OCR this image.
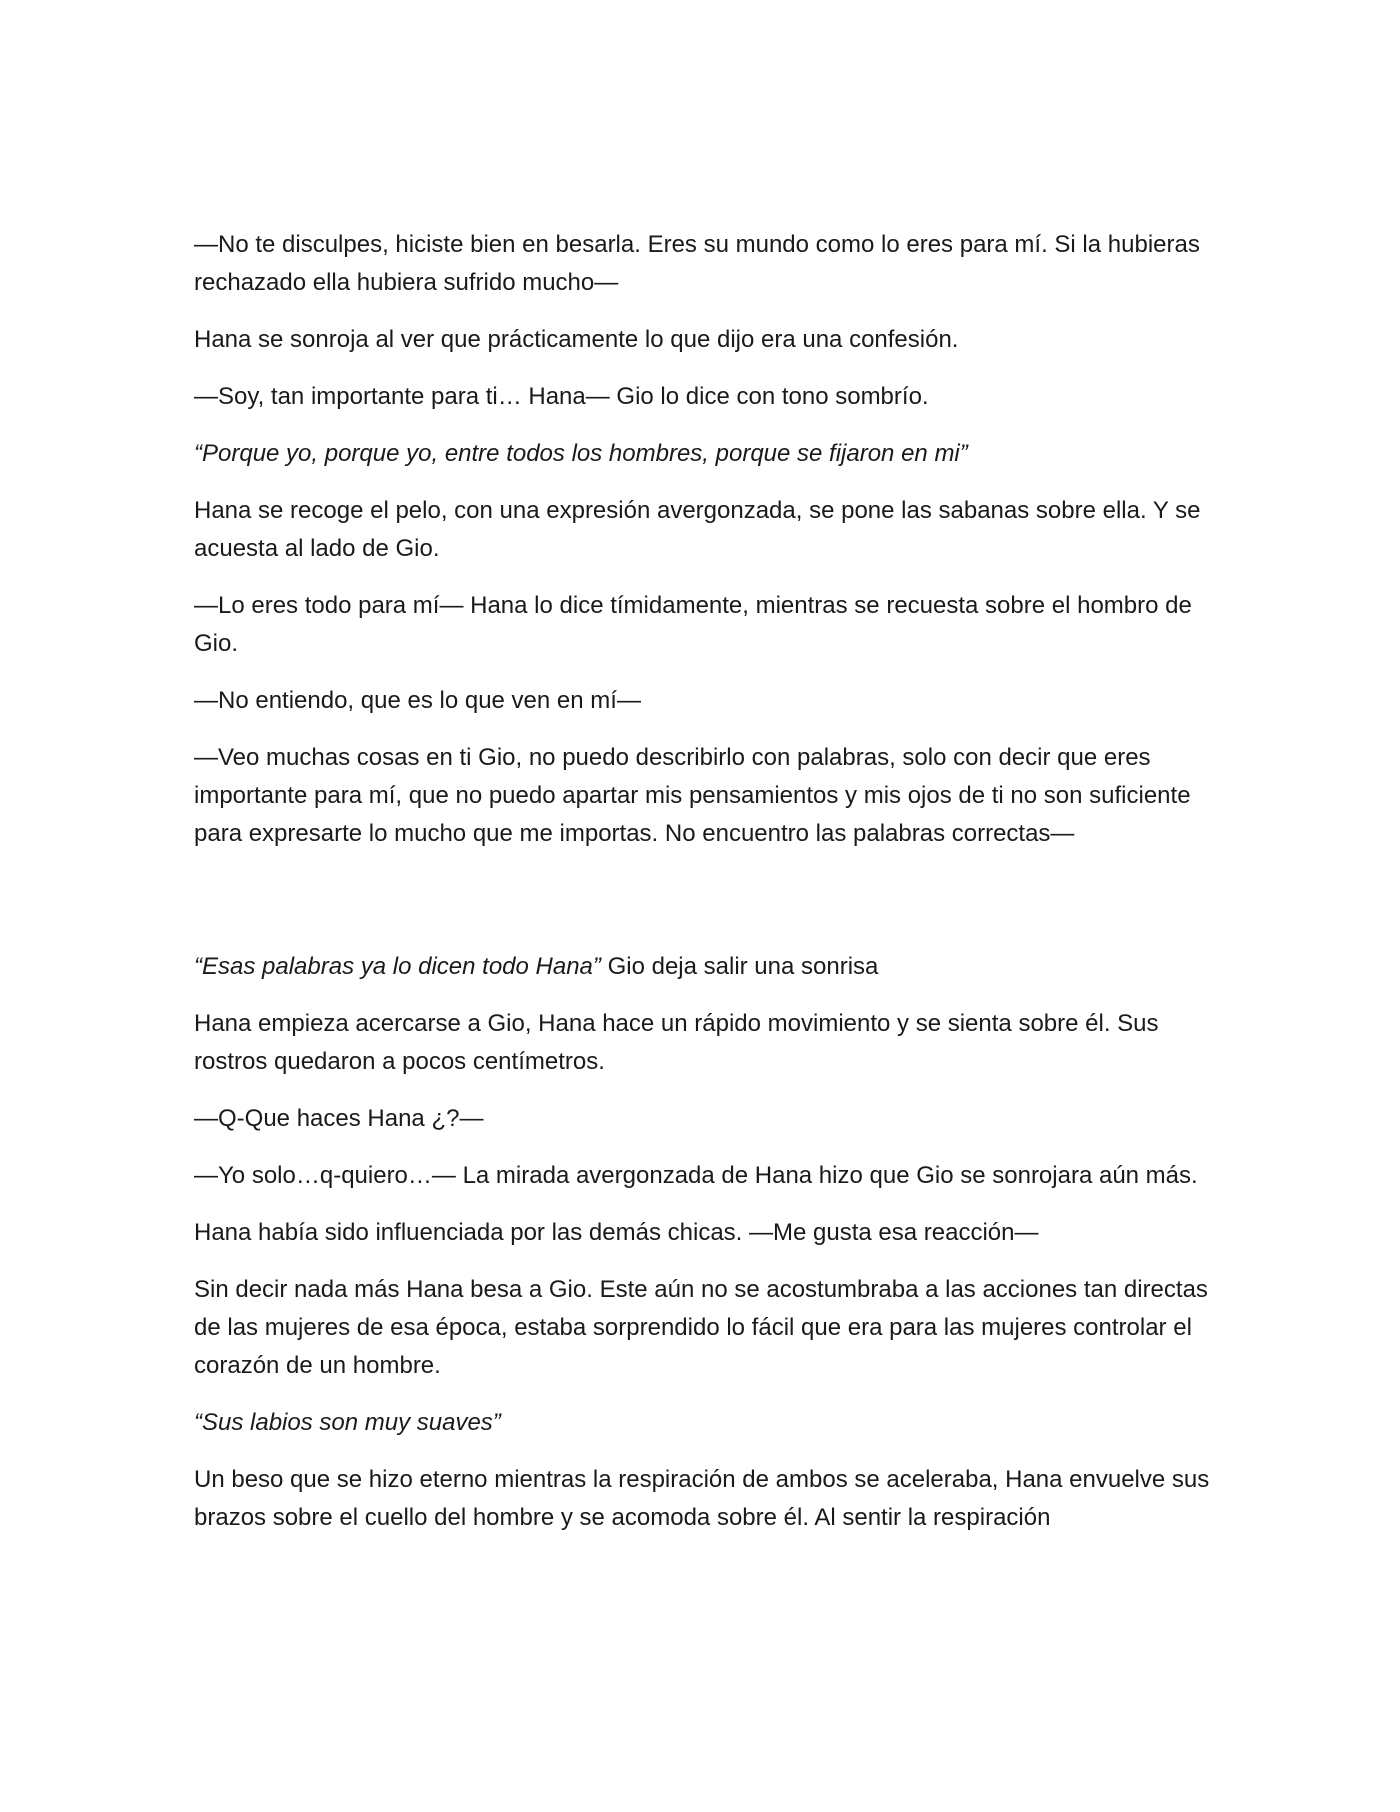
—No te disculpes, hiciste bien en besarla. Eres su mundo como lo eres para mí. Si la hubieras rechazado ella hubiera sufrido mucho—

Hana se sonroja al ver que prácticamente lo que dijo era una confesión.

—Soy, tan importante para ti… Hana— Gio lo dice con tono sombrío.

“Porque yo, porque yo, entre todos los hombres, porque se fijaron en mi”

Hana se recoge el pelo, con una expresión avergonzada, se pone las sabanas sobre ella. Y se acuesta al lado de Gio.

—Lo eres todo para mí— Hana lo dice tímidamente, mientras se recuesta sobre el hombro de Gio.

—No entiendo, que es lo que ven en mí—

—Veo muchas cosas en ti Gio, no puedo describirlo con palabras, solo con decir que eres importante para mí, que no puedo apartar mis pensamientos y mis ojos de ti no son suficiente para expresarte lo mucho que me importas. No encuentro las palabras correctas—

“Esas palabras ya lo dicen todo Hana” Gio deja salir una sonrisa

Hana empieza acercarse a Gio, Hana hace un rápido movimiento y se sienta sobre él. Sus rostros quedaron a pocos centímetros.

—Q-Que haces Hana ¿?—

—Yo solo…q-quiero…— La mirada avergonzada de Hana hizo que Gio se sonrojara aún más.

Hana había sido influenciada por las demás chicas. —Me gusta esa reacción—

Sin decir nada más Hana besa a Gio. Este aún no se acostumbraba a las acciones tan directas de las mujeres de esa época, estaba sorprendido lo fácil que era para las mujeres controlar el corazón de un hombre.

“Sus labios son muy suaves”

Un beso que se hizo eterno mientras la respiración de ambos se aceleraba, Hana envuelve sus brazos sobre el cuello del hombre y se acomoda sobre él. Al sentir la respiración
